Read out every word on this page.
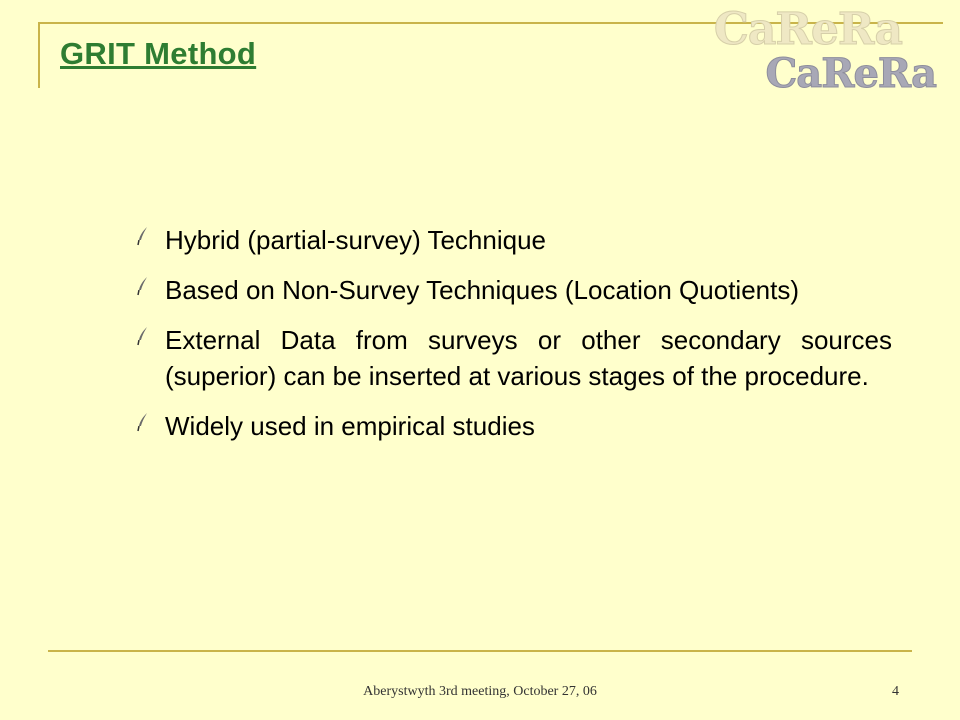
GRIT Method	CaReRa
CaReRa
Hybrid (partial-survey) Technique
Based on Non-Survey Techniques (Location Quotients)
External Data from surveys or other secondary sources (superior) can be inserted at various stages of the procedure.
Widely used in empirical studies
Aberystwyth 3rd meeting, October 27, 06	4
